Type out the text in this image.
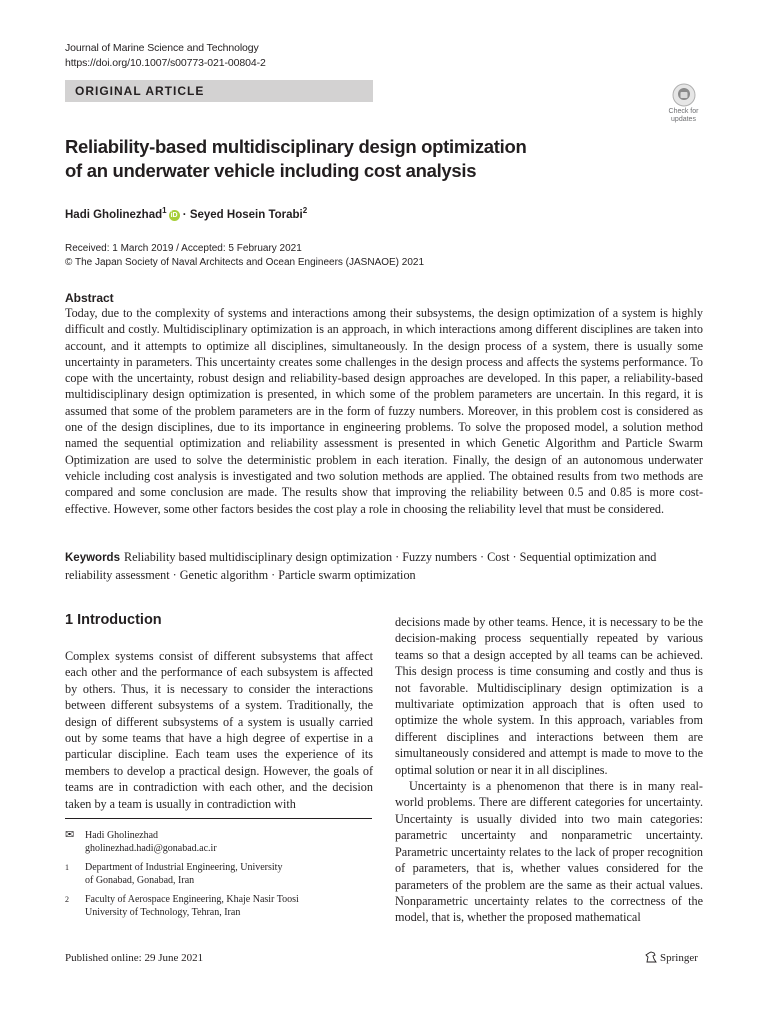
Journal of Marine Science and Technology
https://doi.org/10.1007/s00773-021-00804-2
ORIGINAL ARTICLE
Check for
updates
Reliability-based multidisciplinary design optimization
of an underwater vehicle including cost analysis
Hadi Gholinezhad$^1$iD · Seyed Hosein Torabi$^2$
Received: 1 March 2019 / Accepted: 5 February 2021
© The Japan Society of Naval Architects and Ocean Engineers (JASNAOE) 2021
Abstract

Today, due to the complexity of systems and interactions among their subsystems, the design optimization of a system is highly difficult and costly. Multidisciplinary optimization is an approach, in which interactions among different disciplines are taken into account, and it attempts to optimize all disciplines, simultaneously. In the design process of a system, there is usually some uncertainty in parameters. This uncertainty creates some challenges in the design process and affects the systems performance. To cope with the uncertainty, robust design and reliability-based design approaches are developed. In this paper, a reliability-based multidisciplinary design optimization is presented, in which some of the problem parameters are uncertain. In this regard, it is assumed that some of the problem parameters are in the form of fuzzy numbers. Moreover, in this problem cost is considered as one of the design disciplines, due to its importance in engineering problems. To solve the proposed model, a solution method named the sequential optimization and reliability assessment is presented in which Genetic Algorithm and Particle Swarm Optimization are used to solve the deterministic problem in each iteration. Finally, the design of an autonomous underwater vehicle including cost analysis is investigated and two solution methods are applied. The obtained results from two methods are compared and some conclusion are made. The results show that improving the reliability between 0.5 and 0.85 is more cost-effective. However, some other factors besides the cost play a role in choosing the reliability level that must be considered.

Keywords Reliability based multidisciplinary design optimization · Fuzzy numbers · Cost · Sequential optimization and reliability assessment · Genetic algorithm · Particle swarm optimization

1 Introduction

Complex systems consist of different subsystems that affect each other and the performance of each subsystem is affected by others. Thus, it is necessary to consider the interactions between different subsystems of a system. Traditionally, the design of different subsystems of a system is usually carried out by some teams that have a high degree of expertise in a particular discipline. Each team uses the experience of its members to develop a practical design. However, the goals of teams are in contradiction with each other, and the decision taken by a team is usually in contradiction with

decisions made by other teams. Hence, it is necessary to be the decision-making process sequentially repeated by various teams so that a design accepted by all teams can be achieved. This design process is time consuming and costly and thus is not favorable. Multidisciplinary design optimization is a multivariate optimization approach that is often used to optimize the whole system. In this approach, variables from different disciplines and interactions between them are simultaneously considered and attempt is made to move to the optimal solution or near it in all disciplines.

Uncertainty is a phenomenon that there is in many real-world problems. There are different categories for uncertainty. Uncertainty is usually divided into two main categories: parametric uncertainty and nonparametric uncertainty. Parametric uncertainty relates to the lack of proper recognition of parameters, that is, whether values considered for the parameters of the problem are the same as their actual values. Nonparametric uncertainty relates to the correctness of the model, that is, whether the proposed mathematical

✉	Hadi Gholinezhad
gholinezhad.hadi@gonabad.ac.ir
1	Department of Industrial Engineering, University
of Gonabad, Gonabad, Iran
2	Faculty of Aerospace Engineering, Khaje Nasir Toosi
University of Technology, Tehran, Iran
Published online: 29 June 2021	Springer
